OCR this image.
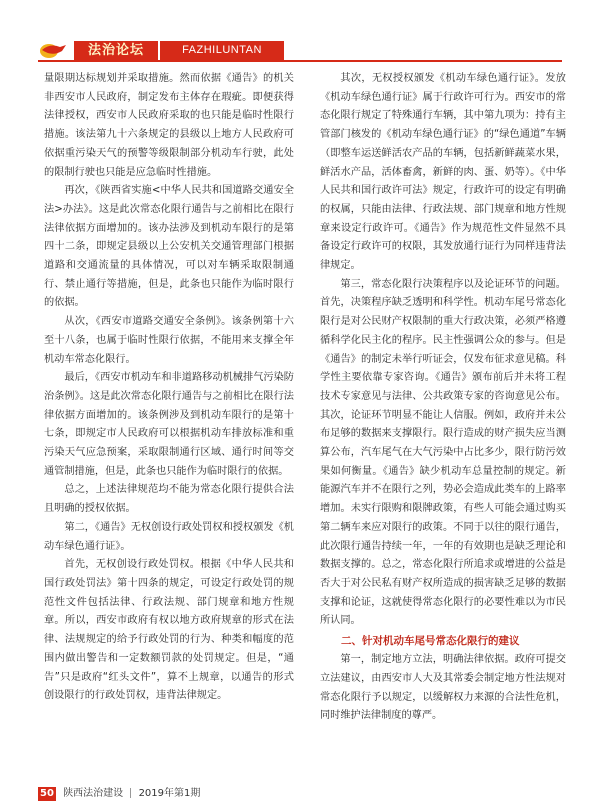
法治论坛	FAZHILUNTAN

量限期达标规划并采取措施。然而依据《通告》的机关非西安市人民政府，制定发布主体存在瑕疵。即便获得法律授权，西安市人民政府采取的也只能是临时性限行措施。该法第九十六条规定的县级以上地方人民政府可依据重污染天气的预警等级限制部分机动车行驶，此处的限制行驶也只能是应急临时性措施。

再次，《陕西省实施<中华人民共和国道路交通安全法>办法》。这是此次常态化限行通告与之前相比在限行法律依据方面增加的。该办法涉及到机动车限行的是第四十二条，即规定县级以上公安机关交通管理部门根据道路和交通流量的具体情况，可以对车辆采取限制通行、禁止通行等措施，但是，此条也只能作为临时限行的依据。

从次，《西安市道路交通安全条例》。该条例第十六至十八条，也属于临时性限行依据，不能用来支撑全年机动车常态化限行。

最后，《西安市机动车和非道路移动机械排气污染防治条例》。这是此次常态化限行通告与之前相比在限行法律依据方面增加的。该条例涉及到机动车限行的是第十七条，即规定市人民政府可以根据机动车排放标准和重污染天气应急预案，采取限制通行区域、通行时间等交通管制措施，但是，此条也只能作为临时限行的依据。

总之，上述法律规范均不能为常态化限行提供合法且明确的授权依据。

第二，《通告》无权创设行政处罚权和授权颁发《机动车绿色通行证》。

首先，无权创设行政处罚权。根据《中华人民共和国行政处罚法》第十四条的规定，可设定行政处罚的规范性文件包括法律、行政法规、部门规章和地方性规章。所以，西安市政府有权以地方政府规章的形式在法律、法规规定的给予行政处罚的行为、种类和幅度的范围内做出警告和一定数额罚款的处罚规定。但是，“通告”只是政府“红头文件”，算不上规章，以通告的形式创设限行的行政处罚权，违背法律规定。

其次，无权授权颁发《机动车绿色通行证》。发放《机动车绿色通行证》属于行政许可行为。西安市的常态化限行规定了特殊通行车辆，其中第九项为：持有主管部门核发的《机动车绿色通行证》的“绿色通道”车辆（即整车运送鲜活农产品的车辆，包括新鲜蔬菜水果，鲜活水产品，活体畜禽，新鲜的肉、蛋、奶等）。《中华人民共和国行政许可法》规定，行政许可的设定有明确的权属，只能由法律、行政法规、部门规章和地方性规章来设定行政许可。《通告》作为规范性文件显然不具备设定行政许可的权限，其发放通行证行为同样违背法律规定。

第三，常态化限行决策程序以及论证环节的问题。首先，决策程序缺乏透明和科学性。机动车尾号常态化限行是对公民财产权限制的重大行政决策，必须严格遵循科学化民主化的程序。民主性强调公众的参与。但是《通告》的制定未举行听证会，仅发布征求意见稿。科学性主要依靠专家咨询。《通告》颁布前后并未将工程技术专家意见与法律、公共政策专家的咨询意见公布。其次，论证环节明显不能让人信服。例如，政府并未公布足够的数据来支撑限行。限行造成的财产损失应当测算公布，汽车尾气在大气污染中占比多少，限行防污效果如何衡量。《通告》缺少机动车总量控制的规定。新能源汽车并不在限行之列，势必会造成此类车的上路率增加。未实行限购和限牌政策，有些人可能会通过购买第二辆车来应对限行的政策。不同于以往的限行通告，此次限行通告持续一年，一年的有效期也是缺乏理论和数据支撑的。总之，常态化限行所追求或增进的公益是否大于对公民私有财产权所造成的损害缺乏足够的数据支撑和论证，这就使得常态化限行的必要性难以为市民所认同。

二、针对机动车尾号常态化限行的建议

第一，制定地方立法，明确法律依据。政府可提交立法建议，由西安市人大及其常委会制定地方性法规对常态化限行予以规定，以缓解权力来源的合法性危机，同时维护法律制度的尊严。

50 陕西法治建设 2019年第1期
